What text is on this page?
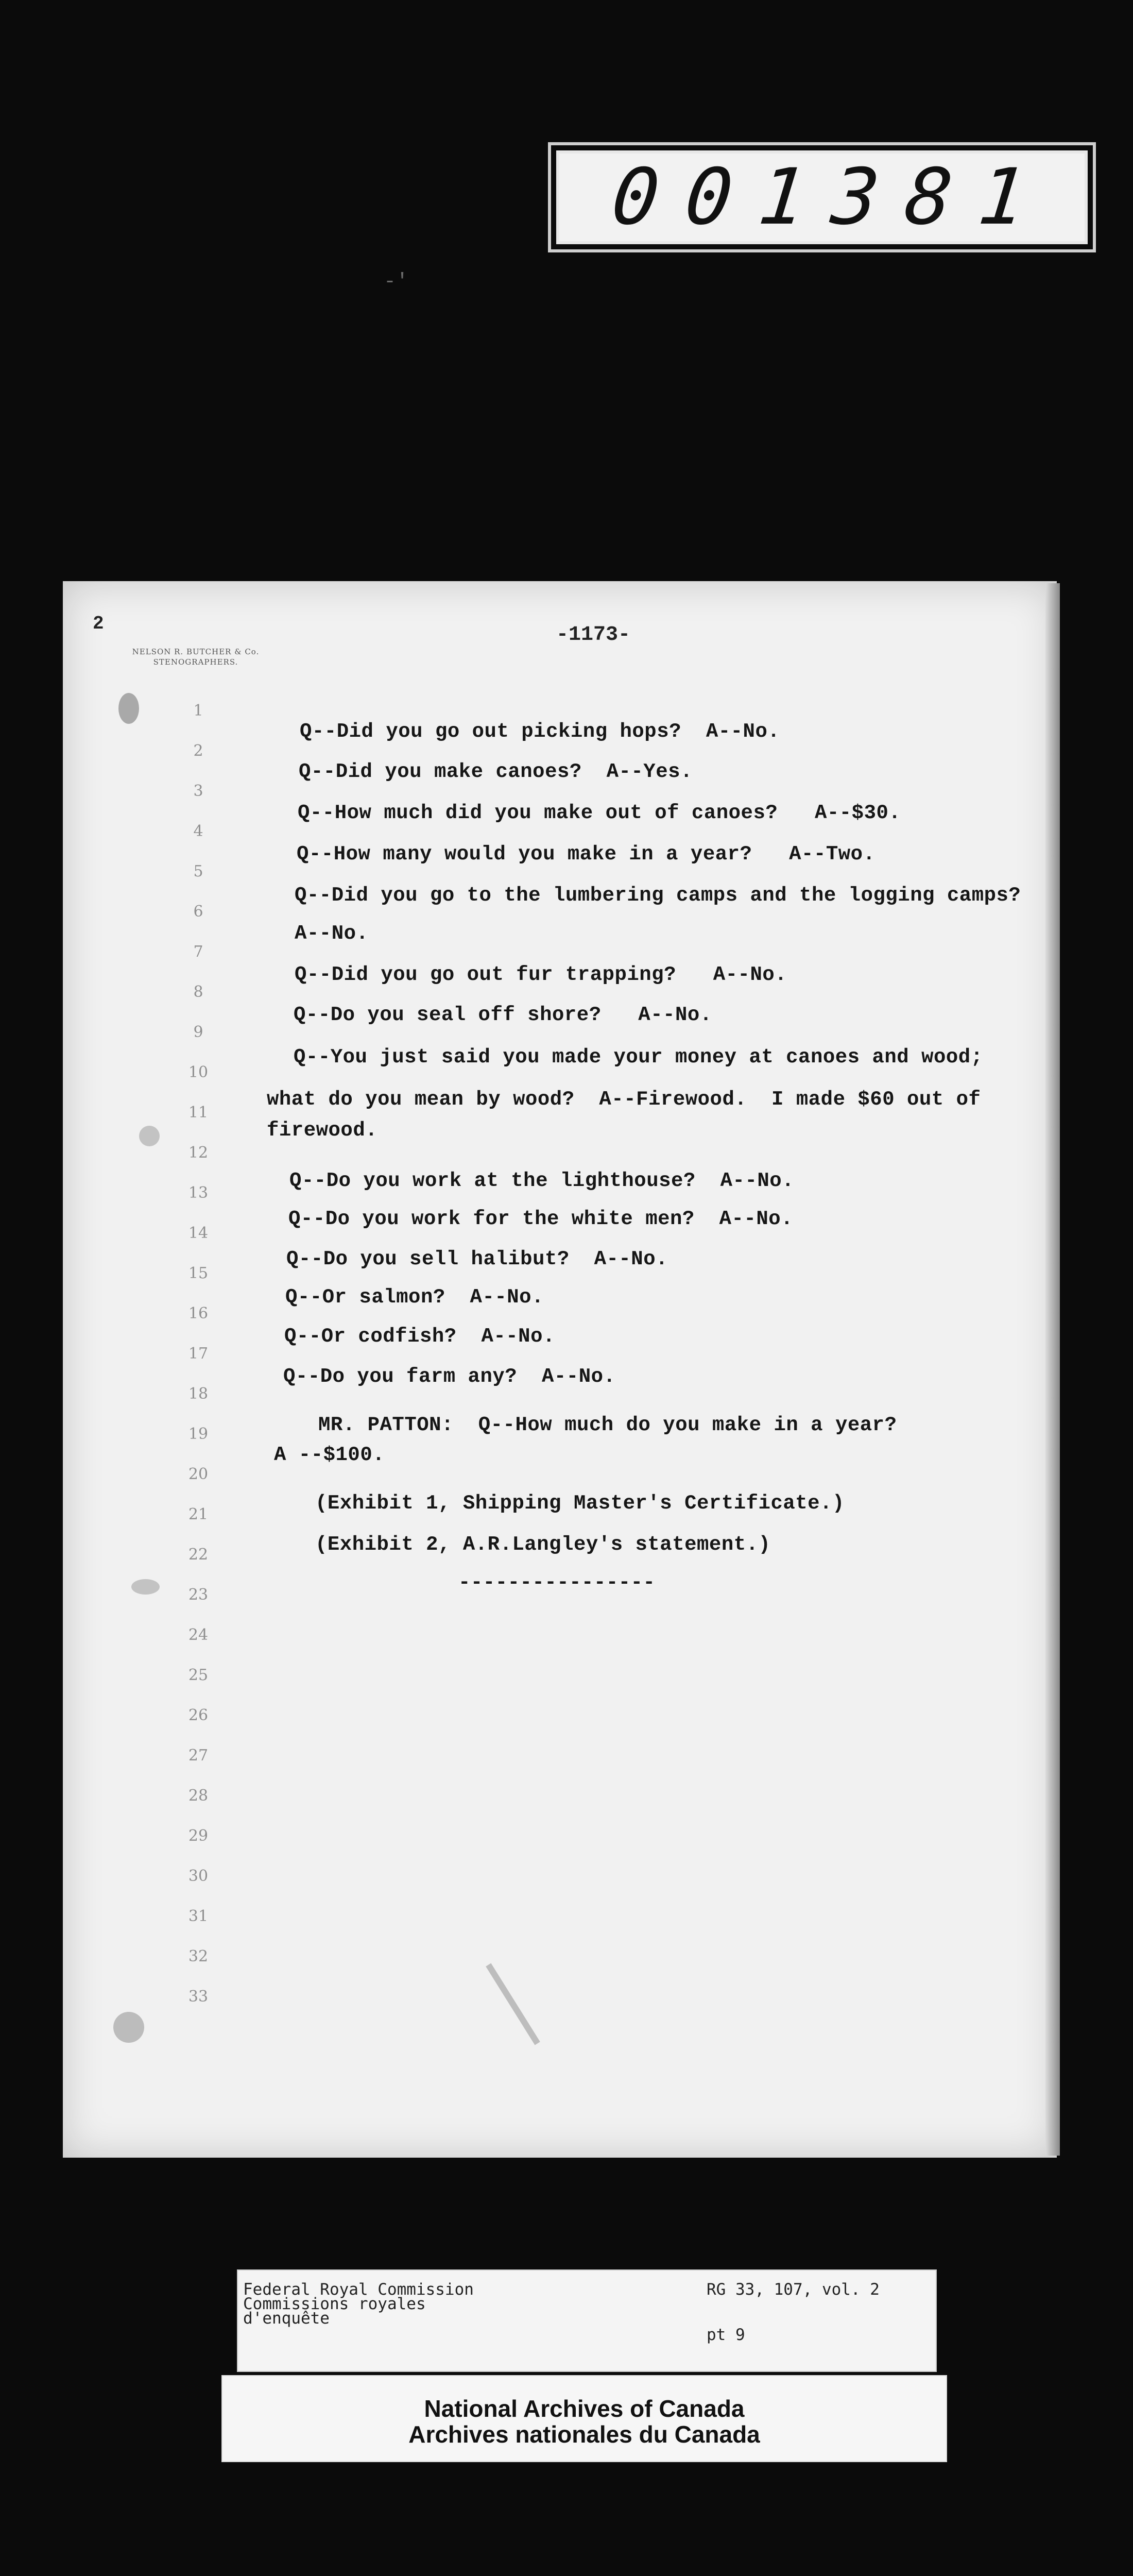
001381
-'
2
NELSON R. BUTCHER & Co.
STENOGRAPHERS.
-1173-
1
2
3
4
5
6
7
8
9
10
11
12
13
14
15
16
17
18
19
20
21
22
23
24
25
26
27
28
29
30
31
32
33
Q--Did you go out picking hops?  A--No.
Q--Did you make canoes?  A--Yes.
Q--How much did you make out of canoes?   A--$30.
Q--How many would you make in a year?   A--Two.
Q--Did you go to the lumbering camps and the logging camps?
A--No.
Q--Did you go out fur trapping?   A--No.
Q--Do you seal off shore?   A--No.
Q--You just said you made your money at canoes and wood;
what do you mean by wood?  A--Firewood.  I made $60 out of
firewood.
Q--Do you work at the lighthouse?  A--No.
Q--Do you work for the white men?  A--No.
Q--Do you sell halibut?  A--No.
Q--Or salmon?  A--No.
Q--Or codfish?  A--No.
Q--Do you farm any?  A--No.
MR. PATTON:  Q--How much do you make in a year?
A --$100.
(Exhibit 1, Shipping Master's Certificate.)
(Exhibit 2, A.R.Langley's statement.)
----------------
Federal Royal Commission
Commissions royales
d'enquête
RG 33, 107, vol. 2
pt 9
National Archives of Canada
Archives nationales du Canada
